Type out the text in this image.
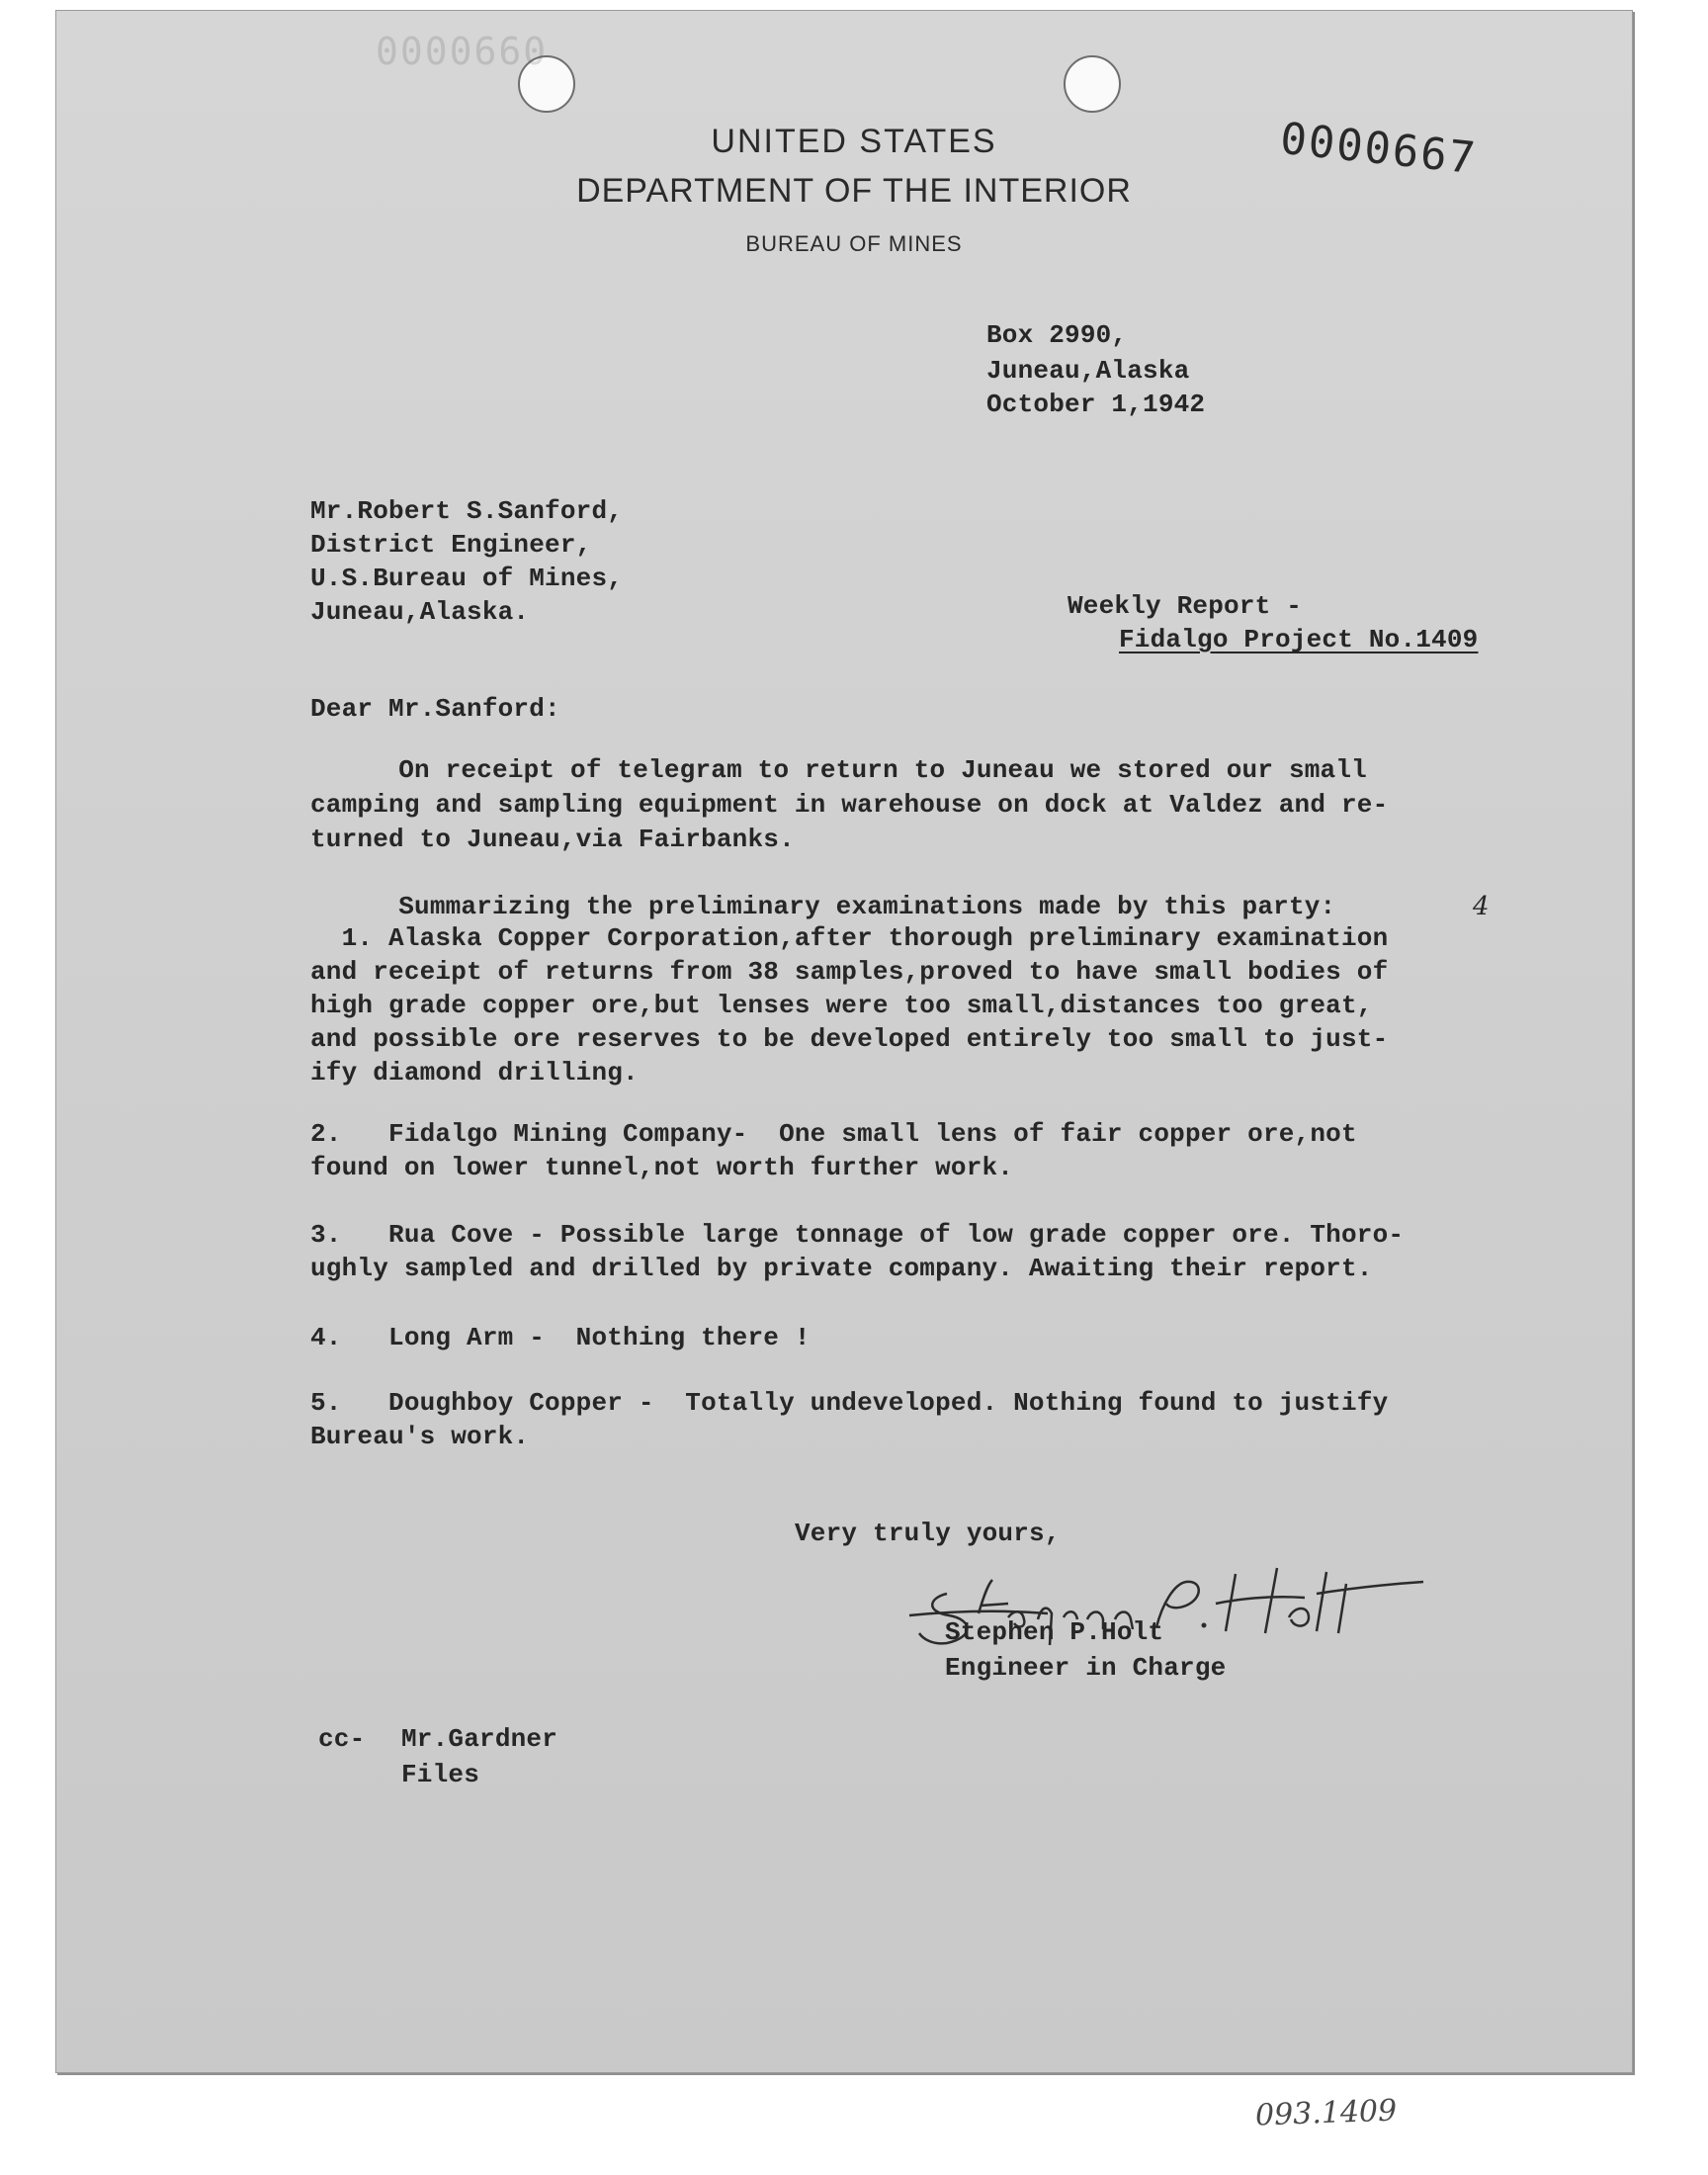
0000660
0000667
UNITED STATES
DEPARTMENT OF THE INTERIOR
BUREAU OF MINES
Box 2990,
Juneau,Alaska
October 1,1942
Mr.Robert S.Sanford,
District Engineer,
U.S.Bureau of Mines,
Juneau,Alaska.	Weekly Report -
Fidalgo Project No.1409
Dear Mr.Sanford:
On receipt of telegram to return to Juneau we stored our small
camping and sampling equipment in warehouse on dock at Valdez and re-
turned to Juneau,via Fairbanks.
Summarizing the preliminary examinations made by this party:	4
1. Alaska Copper Corporation,after thorough preliminary examination
and receipt of returns from 38 samples,proved to have small bodies of
high grade copper ore,but lenses were too small,distances too great,
and possible ore reserves to be developed entirely too small to just-
ify diamond drilling.
2.   Fidalgo Mining Company-  One small lens of fair copper ore,not
found on lower tunnel,not worth further work.
3.   Rua Cove - Possible large tonnage of low grade copper ore. Thoro-
ughly sampled and drilled by private company. Awaiting their report.
4.   Long Arm -  Nothing there !
5.   Doughboy Copper -  Totally undeveloped. Nothing found to justify
Bureau's work.
Very truly yours,
Stephen P.Holt
Engineer in Charge
cc- Mr.Gardner
Files
093.1409
